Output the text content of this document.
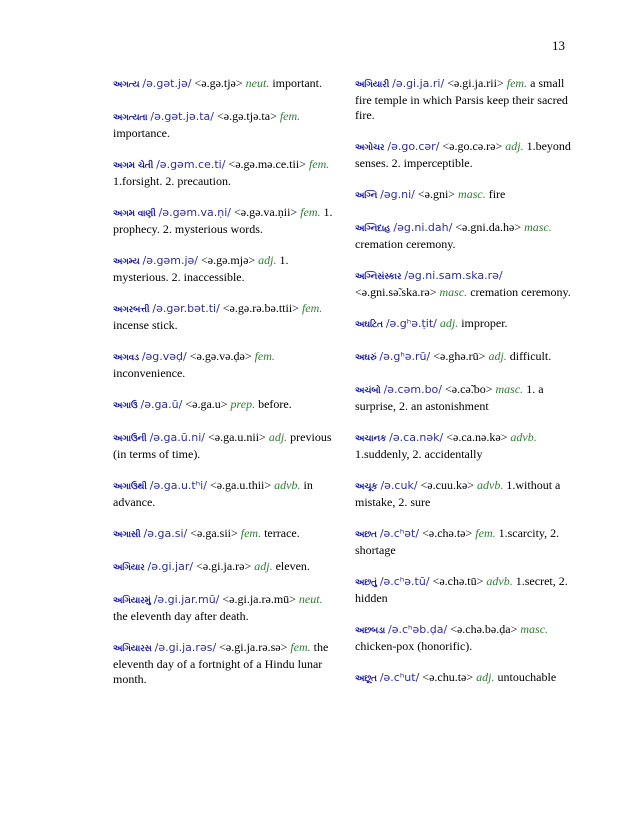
13

અગત્ય /ə.gət.jə/ <ə.gə.tjə> neut. important.

અગત્યતા /ə.gət.jə.ta/ <ə.gə.tjə.ta> fem. importance.

અગમ ચેતી /ə.gəm.ce.ti/ <ə.gə.mə.ce.tii> fem. 1.forsight. 2. precaution.

અગમ વાણી /ə.gəm.va.ṇi/ <ə.gə.va.ṇii> fem. 1. prophecy. 2. mysterious words.

અગમ્ય /ə.gəm.jə/ <ə.gə.mjə> adj. 1. mysterious. 2. inaccessible.

અગરબત્તી /ə.gər.bət.ti/ <ə.gə.rə.bə.ttii> fem. incense stick.

અગવડ /əg.vəḍ/ <ə.gə.və.ḍə> fem. inconvenience.

અગાઉ /ə.ga.ū/ <ə.ga.u> prep. before.

અગાઉની /ə.ga.ū.ni/ <ə.ga.u.nii> adj. previous (in terms of time).

અગાઉથી /ə.ga.u.tʰi/ <ə.ga.u.thii> advb. in advance.

અગાસી /ə.ga.si/ <ə.ga.sii> fem. terrace.

અગિયાર /ə.gi.jar/ <ə.gi.ja.rə> adj. eleven.

અગિયારમું /ə.gi.jar.mū/ <ə.gi.ja.rə.mū> neut. the eleventh day after death.

અગિયારસ /ə.gi.ja.rəs/ <ə.gi.ja.rə.sə> fem. the eleventh day of a fortnight of a Hindu lunar month.

અગિયારી /ə.gi.ja.ri/ <ə.gi.ja.rii> fem. a small fire temple in which Parsis keep their sacred fire.

અગોચર /ə.go.cər/ <ə.go.cə.rə> adj. 1.beyond senses. 2. imperceptible.

અગ્નિ /əg.ni/ <ə.gni> masc. fire

અગ્નિદાહ /əg.ni.dah/ <ə.gni.da.hə> masc. cremation ceremony.

અગ્નિસંસ્કાર /əg.ni.sam.ska.rə/ <ə.gni.sə̃.ska.rə> masc. cremation ceremony.

અઘટિત /ə.gʰə.ṭit/ adj. improper.

અઘરું /ə.gʰə.rū/ <ə.ghə.rū> adj. difficult.

અચંબો /ə.cəm.bo/ <ə.cə̃.bo> masc. 1. a surprise, 2. an astonishment

અચાનક /ə.ca.nək/ <ə.ca.nə.kə> advb. 1.suddenly, 2. accidentally

અચૂક /ə.cuk/ <ə.cuu.kə> advb. 1.without a mistake, 2. sure

અછત /ə.cʰət/ <ə.chə.tə> fem. 1.scarcity, 2. shortage

અછતું /ə.cʰə.tū/ <ə.chə.tū> advb. 1.secret, 2. hidden

અછબડા /ə.cʰəb.ḍa/ <ə.chə.bə.ḍa> masc. chicken-pox (honorific).

અછૂત /ə.cʰut/ <ə.chu.tə> adj. untouchable
